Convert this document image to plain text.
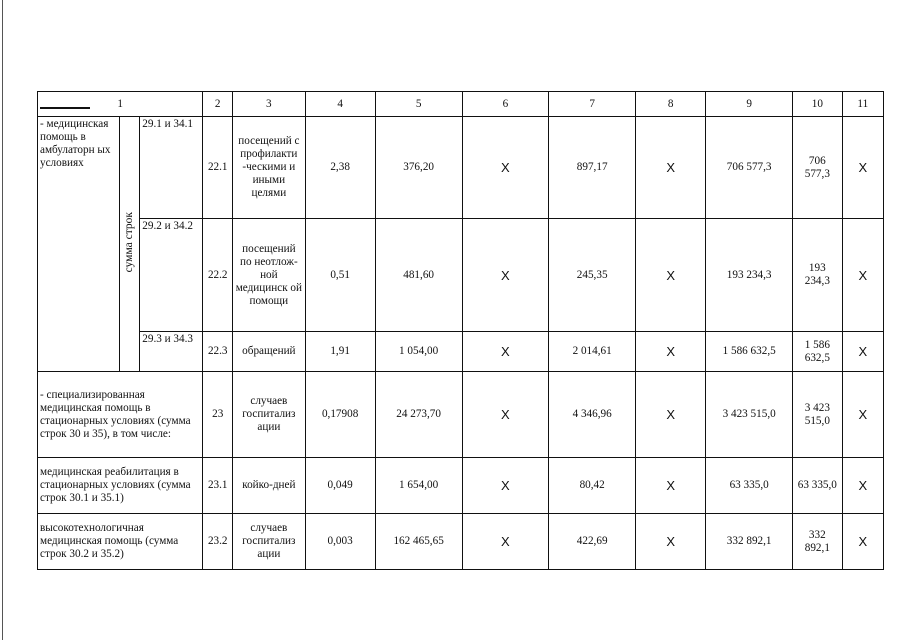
1			2	3	4	5	6	7	8	9	10	11
- медицинская помощь в амбулаторн ых условиях	сумма строк	29.1 и 34.1	22.1	посещений с профилакти -ческими и иными целями	2,38	376,20	X	897,17	X	706 577,3	706 577,3	X
		29.2 и 34.2	22.2	посещений по неотлож- ной медицинск ой помощи	0,51	481,60	X	245,35	X	193 234,3	193 234,3	X
		29.3 и 34.3	22.3	обращений	1,91	1 054,00	X	2 014,61	X	1 586 632,5	1 586 632,5	X
- специализированная медицинская помощь в стационарных условиях (сумма строк 30 и 35), в том числе:			23	случаев госпитализ ации	0,17908	24 273,70	X	4 346,96	X	3 423 515,0	3 423 515,0	X
медицинская реабилитация в стационарных условиях (сумма строк 30.1 и 35.1)			23.1	койко-дней	0,049	1 654,00	X	80,42	X	63 335,0	63 335,0	X
высокотехнологичная медицинская помощь (сумма строк 30.2 и 35.2)			23.2	случаев госпитализ ации	0,003	162 465,65	X	422,69	X	332 892,1	332 892,1	X
